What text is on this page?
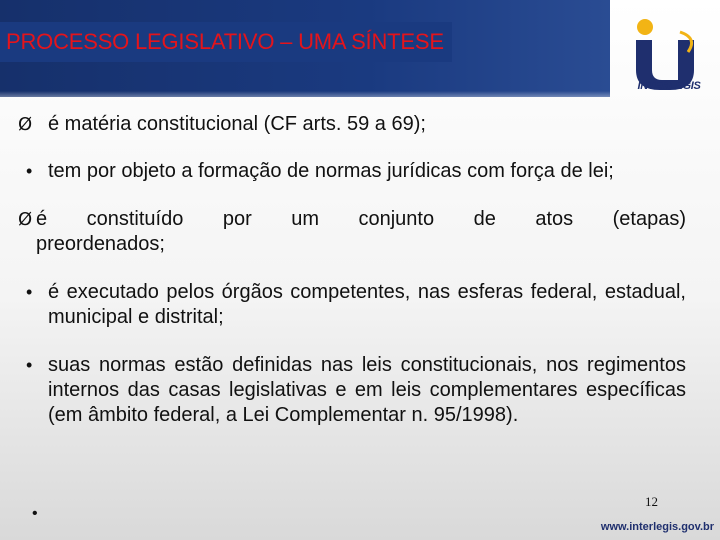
PROCESSO LEGISLATIVO – UMA SÍNTESE
INTERLEGIS
Ø é matéria constitucional (CF arts. 59 a 69);
• tem por objeto a formação de normas jurídicas com força de lei;
Ø é constituído por um conjunto de atos (etapas) preordenados;
• é executado pelos órgãos competentes, nas esferas federal, estadual, municipal e distrital;
• suas normas estão definidas nas leis constitucionais, nos regimentos internos das casas legislativas e em leis complementares específicas (em âmbito federal, a Lei Complementar n. 95/1998).
12
•
www.interlegis.gov.br
